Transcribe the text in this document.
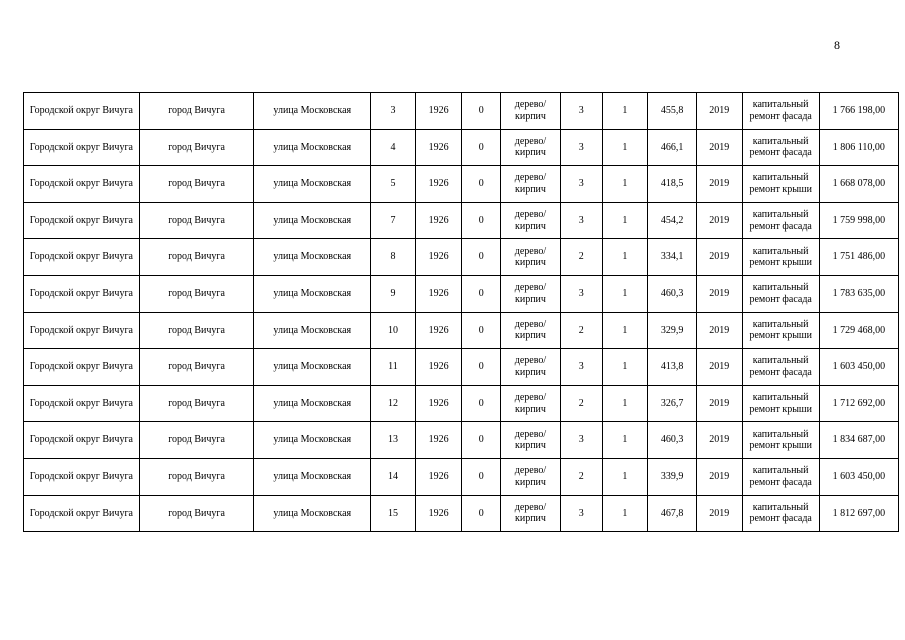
8
Городской округ Вичуга	город Вичуга	улица Московская	3	1926	0	дерево/кирпич	3	1	455,8	2019	капитальный ремонт фасада	1 766 198,00
Городской округ Вичуга	город Вичуга	улица Московская	4	1926	0	дерево/кирпич	3	1	466,1	2019	капитальный ремонт фасада	1 806 110,00
Городской округ Вичуга	город Вичуга	улица Московская	5	1926	0	дерево/кирпич	3	1	418,5	2019	капитальный ремонт крыши	1 668 078,00
Городской округ Вичуга	город Вичуга	улица Московская	7	1926	0	дерево/кирпич	3	1	454,2	2019	капитальный ремонт фасада	1 759 998,00
Городской округ Вичуга	город Вичуга	улица Московская	8	1926	0	дерево/кирпич	2	1	334,1	2019	капитальный ремонт крыши	1 751 486,00
Городской округ Вичуга	город Вичуга	улица Московская	9	1926	0	дерево/кирпич	3	1	460,3	2019	капитальный ремонт фасада	1 783 635,00
Городской округ Вичуга	город Вичуга	улица Московская	10	1926	0	дерево/кирпич	2	1	329,9	2019	капитальный ремонт крыши	1 729 468,00
Городской округ Вичуга	город Вичуга	улица Московская	11	1926	0	дерево/кирпич	3	1	413,8	2019	капитальный ремонт фасада	1 603 450,00
Городской округ Вичуга	город Вичуга	улица Московская	12	1926	0	дерево/кирпич	2	1	326,7	2019	капитальный ремонт крыши	1 712 692,00
Городской округ Вичуга	город Вичуга	улица Московская	13	1926	0	дерево/кирпич	3	1	460,3	2019	капитальный ремонт крыши	1 834 687,00
Городской округ Вичуга	город Вичуга	улица Московская	14	1926	0	дерево/кирпич	2	1	339,9	2019	капитальный ремонт фасада	1 603 450,00
Городской округ Вичуга	город Вичуга	улица Московская	15	1926	0	дерево/кирпич	3	1	467,8	2019	капитальный ремонт фасада	1 812 697,00
